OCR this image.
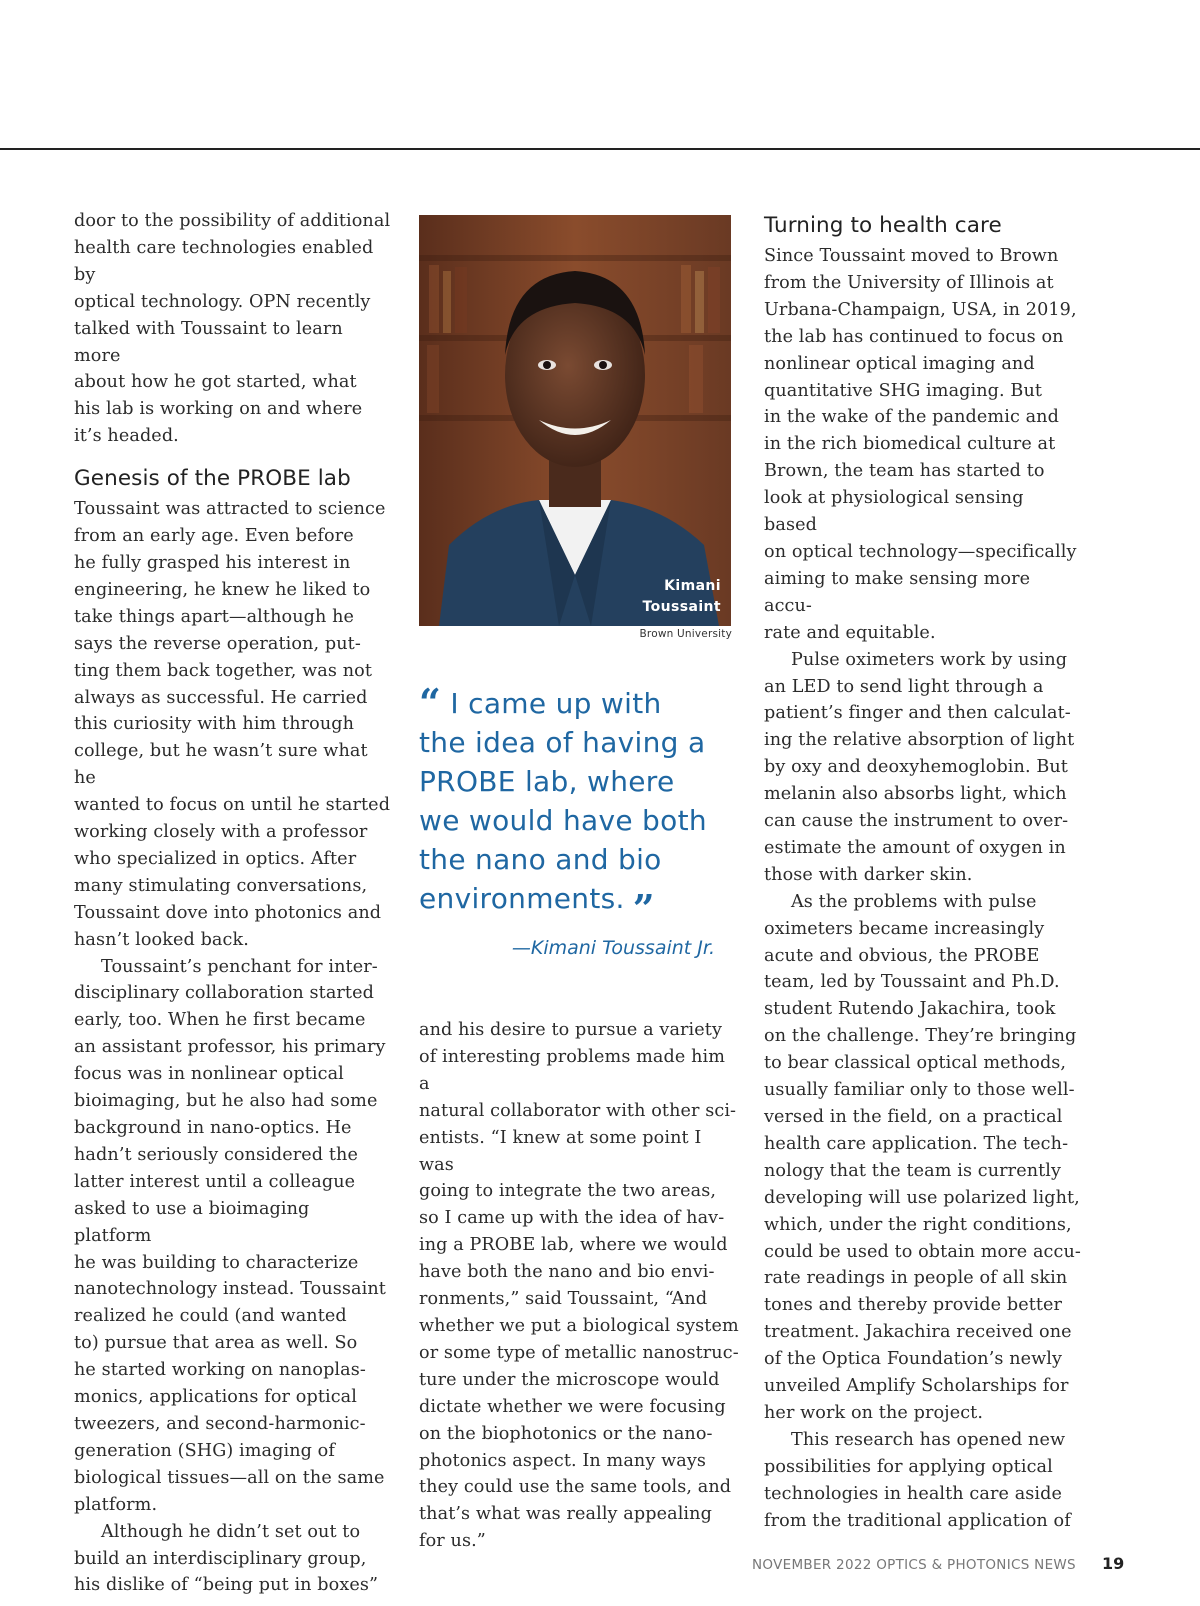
door to the possibility of additional
health care technologies enabled by
optical technology. OPN recently
talked with Toussaint to learn more
about how he got started, what
his lab is working on and where
it’s headed.

Genesis of the PROBE lab

Toussaint was attracted to science
from an early age. Even before
he fully grasped his interest in
engineering, he knew he liked to
take things apart—although he
says the reverse operation, put-
ting them back together, was not
always as successful. He carried
this curiosity with him through
college, but he wasn’t sure what he
wanted to focus on until he started
working closely with a professor
who specialized in optics. After
many stimulating conversations,
Toussaint dove into photonics and
hasn’t looked back.

Toussaint’s penchant for inter-
disciplinary collaboration started
early, too. When he first became
an assistant professor, his primary
focus was in nonlinear optical
bioimaging, but he also had some
background in nano-optics. He
hadn’t seriously considered the
latter interest until a colleague
asked to use a bioimaging platform
he was building to characterize
nanotechnology instead. Toussaint
realized he could (and wanted
to) pursue that area as well. So
he started working on nanoplas-
monics, applications for optical
tweezers, and second-harmonic-
generation (SHG) imaging of
biological tissues—all on the same
platform.

Although he didn’t set out to
build an interdisciplinary group,
his dislike of “being put in boxes”

Kimani
Toussaint
Brown University
“ I came up with
the idea of having a
PROBE lab, where
we would have both
the nano and bio
environments. ”
—Kimani Toussaint Jr.

and his desire to pursue a variety
of interesting problems made him a
natural collaborator with other sci-
entists. “I knew at some point I was
going to integrate the two areas,
so I came up with the idea of hav-
ing a PROBE lab, where we would
have both the nano and bio envi-
ronments,” said Toussaint, “And
whether we put a biological system
or some type of metallic nanostruc-
ture under the microscope would
dictate whether we were focusing
on the biophotonics or the nano-
photonics aspect. In many ways
they could use the same tools, and
that’s what was really appealing
for us.”

Turning to health care

Since Toussaint moved to Brown
from the University of Illinois at
Urbana-Champaign, USA, in 2019,
the lab has continued to focus on
nonlinear optical imaging and
quantitative SHG imaging. But
in the wake of the pandemic and
in the rich biomedical culture at
Brown, the team has started to
look at physiological sensing based
on optical technology—specifically
aiming to make sensing more accu-
rate and equitable.

Pulse oximeters work by using
an LED to send light through a
patient’s finger and then calculat-
ing the relative absorption of light
by oxy and deoxyhemoglobin. But
melanin also absorbs light, which
can cause the instrument to over-
estimate the amount of oxygen in
those with darker skin.

As the problems with pulse
oximeters became increasingly
acute and obvious, the PROBE
team, led by Toussaint and Ph.D.
student Rutendo Jakachira, took
on the challenge. They’re bringing
to bear classical optical methods,
usually familiar only to those well-
versed in the field, on a practical
health care application. The tech-
nology that the team is currently
developing will use polarized light,
which, under the right conditions,
could be used to obtain more accu-
rate readings in people of all skin
tones and thereby provide better
treatment. Jakachira received one
of the Optica Foundation’s newly
unveiled Amplify Scholarships for
her work on the project.

This research has opened new
possibilities for applying optical
technologies in health care aside
from the traditional application of

NOVEMBER 2022 OPTICS & PHOTONICS NEWS	19
